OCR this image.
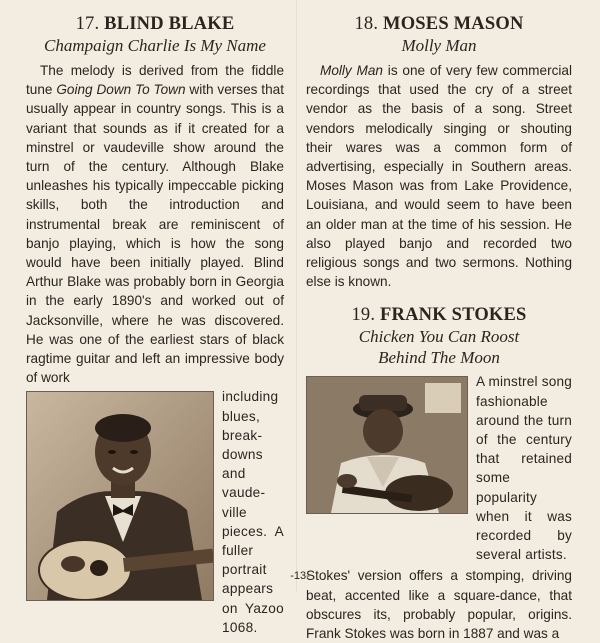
17. BLIND BLAKE
Champaign Charlie Is My Name

The melody is derived from the fiddle tune Going Down To Town with verses that usually appear in country songs. This is a variant that sounds as if it created for a minstrel or vaudeville show around the turn of the century. Although Blake unleashes his typically impeccable picking skills, both the introduction and instrumental break are reminiscent of banjo playing, which is how the song would have been initially played. Blind Arthur Blake was probably born in Georgia in the early 1890's and worked out of Jacksonville, where he was discovered. He was one of the earliest stars of black ragtime guitar and left an impressive body of work

including blues, break-downs and vaude-ville pieces. A fuller portrait appears on Yazoo 1068.

18. MOSES MASON
Molly Man

Molly Man is one of very few commercial recordings that used the cry of a street vendor as the basis of a song. Street vendors melodically singing or shouting their wares was a common form of advertising, especially in Southern areas. Moses Mason was from Lake Providence, Louisiana, and would seem to have been an older man at the time of his session. He also played banjo and recorded two religious songs and two sermons. Nothing else is known.

19. FRANK STOKES
Chicken You Can Roost
Behind The Moon

A minstrel song fashionable around the turn of the century that retained some popularity when it was recorded by several artists.

Stokes' version offers a stomping, driving beat, accented like a square-dance, that obscures its, probably popular, origins. Frank Stokes was born in 1887 and was a

-13-
